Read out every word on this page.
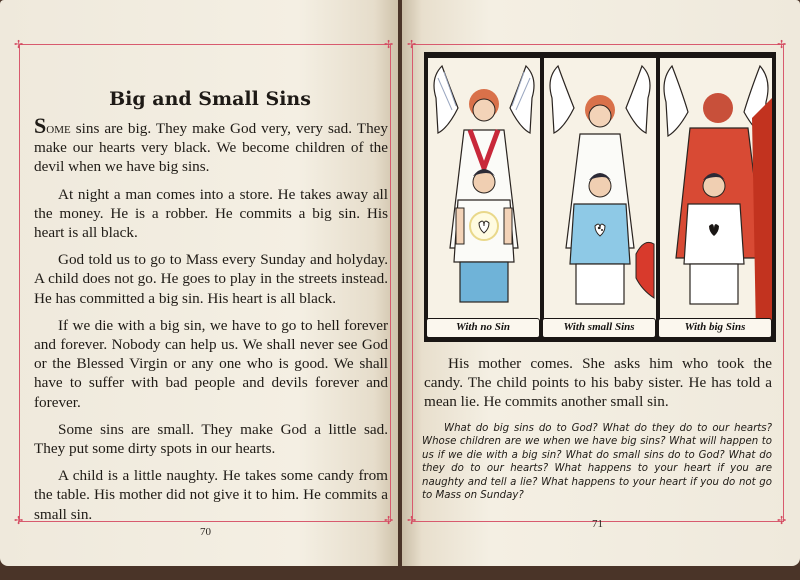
✢	✢
✢	✢
Big and Small Sins

Some sins are big. They make God very, very sad. They make our hearts very black. We become children of the devil when we have big sins.

At night a man comes into a store. He takes away all the money. He is a robber. He commits a big sin. His heart is all black.

God told us to go to Mass every Sunday and holyday. A child does not go. He goes to play in the streets instead. He has committed a big sin. His heart is all black.

If we die with a big sin, we have to go to hell forever and forever. Nobody can help us. We shall never see God or the Blessed Virgin or any one who is good. We shall have to suffer with bad people and devils forever and forever.

Some sins are small. They make God a little sad. They put some dirty spots in our hearts.

A child is a little naughty. He takes some candy from the table. His mother did not give it to him. He commits a small sin.

70
✢	✢
✢	✢
With no Sin	With small Sins	With big Sins

His mother comes. She asks him who took the candy. The child points to his baby sister. He has told a mean lie. He commits another small sin.

What do big sins do to God? What do they do to our hearts? Whose children are we when we have big sins? What will happen to us if we die with a big sin? What do small sins do to God? What do they do to our hearts? What happens to your heart if you are naughty and tell a lie? What happens to your heart if you do not go to Mass on Sunday?

71
